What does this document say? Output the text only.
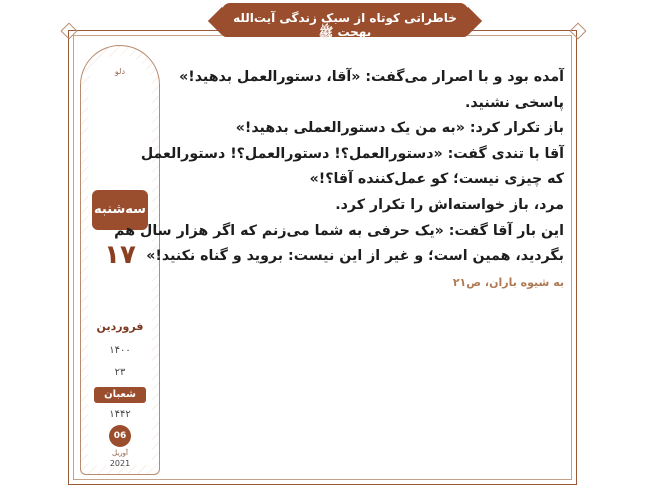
خاطراتی کوتاه از سبک زندگی آیت‌الله بهجت ﷺ
دلو
سه‌شنبه
۱۷
فروردین
۱۴۰۰
۲۳
شعبان
۱۴۴۲
06
آوریل
2021
آمده بود و با اصرار می‌گفت: «آقا، دستورالعمل بدهید!»
پاسخی نشنید.
باز تکرار کرد: «به من یک دستورالعملی بدهید!»
آقا با تندی گفت: «دستورالعمل؟! دستورالعمل؟! دستورالعمل
که چیزی نیست؛ کو عمل‌کننده آقا؟!»
مرد، باز خواسته‌اش را تکرار کرد.
این بار آقا گفت: «یک حرفی به شما می‌زنم که اگر هزار سال هم
بگردید، همین است؛ و غیر از این نیست: بروید و گناه نکنید!»
به شیوه باران، ص۲۱
